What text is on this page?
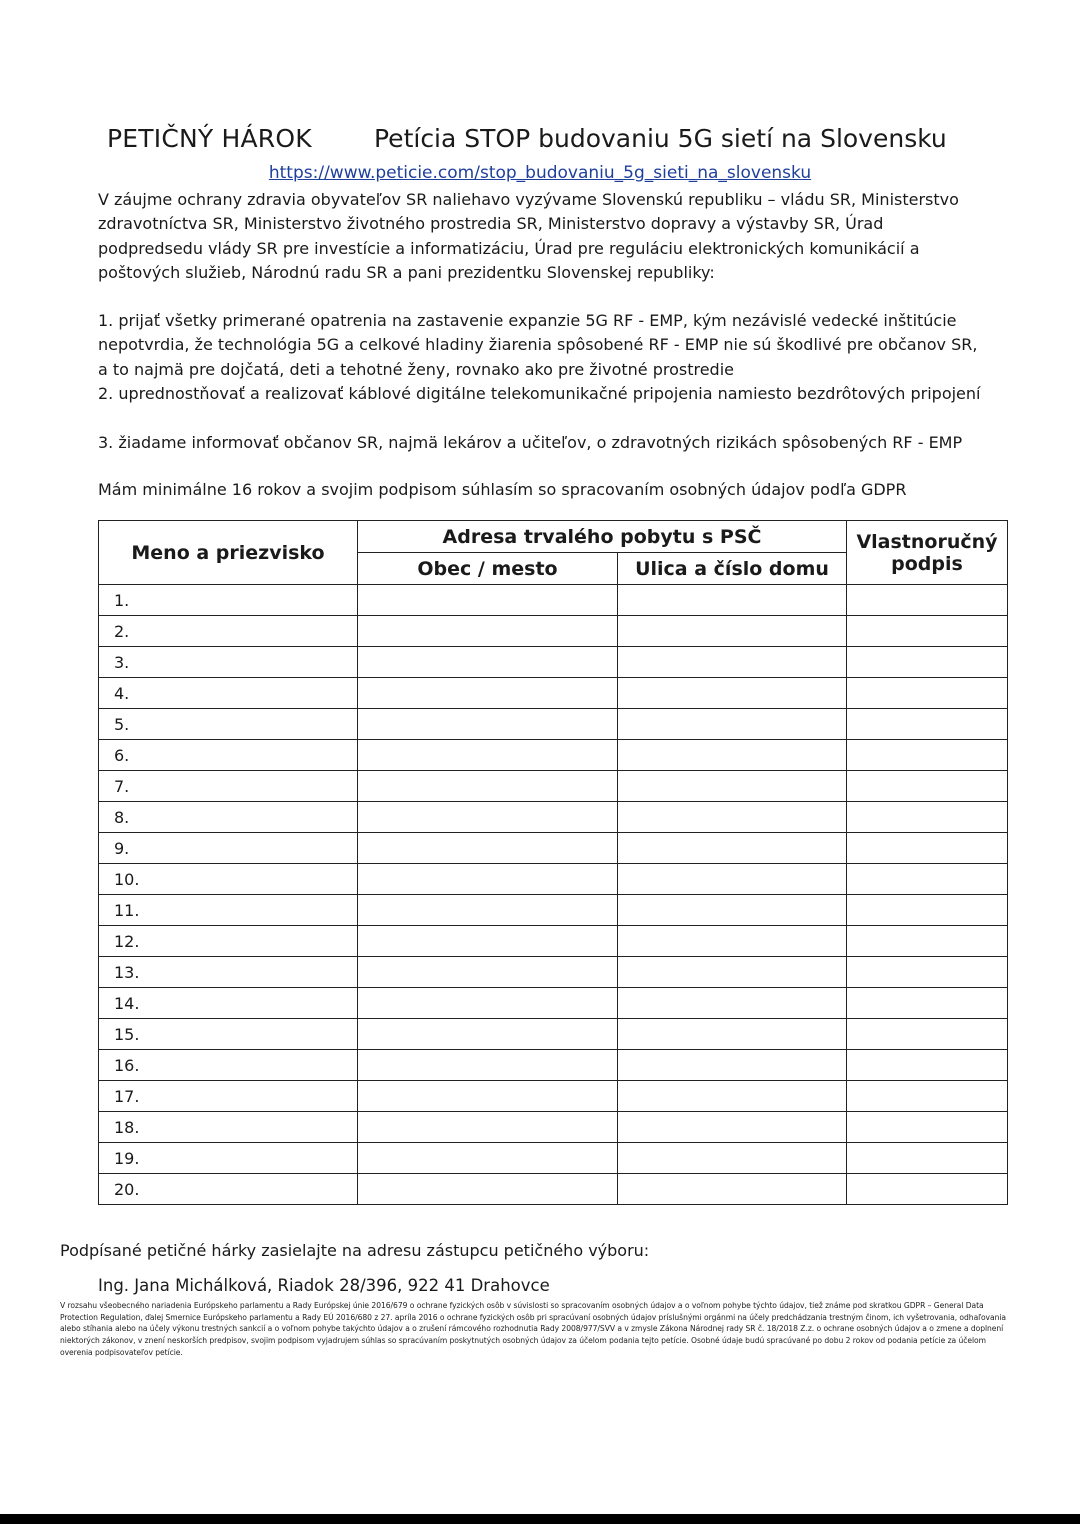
PETIČNÝ HÁROK Petícia STOP budovaniu 5G sietí na Slovensku
https://www.peticie.com/stop_budovaniu_5g_sieti_na_slovensku

V záujme ochrany zdravia obyvateľov SR naliehavo vyzývame Slovenskú republiku – vládu SR, Ministerstvo zdravotníctva SR, Ministerstvo životného prostredia SR, Ministerstvo dopravy a výstavby SR, Úrad podpredsedu vlády SR pre investície a informatizáciu, Úrad pre reguláciu elektronických komunikácií a poštových služieb, Národnú radu SR a pani prezidentku Slovenskej republiky:

1. prijať všetky primerané opatrenia na zastavenie expanzie 5G RF - EMP, kým nezávislé vedecké inštitúcie nepotvrdia, že technológia 5G a celkové hladiny žiarenia spôsobené RF - EMP nie sú škodlivé pre občanov SR, a to najmä pre dojčatá, deti a tehotné ženy, rovnako ako pre životné prostredie

2. uprednostňovať a realizovať káblové digitálne telekomunikačné pripojenia namiesto bezdrôtových pripojení

3. žiadame informovať občanov SR, najmä lekárov a učiteľov, o zdravotných rizikách spôsobených RF - EMP

Mám minimálne 16 rokov a svojim podpisom súhlasím so spracovaním osobných údajov podľa GDPR
Meno a priezvisko	Adresa trvalého pobytu s PSČ		Vlastnoručný
podpis
	Obec / mesto	Ulica a číslo domu	
1.			
2.			
3.			
4.			
5.			
6.			
7.			
8.			
9.			
10.			
11.			
12.			
13.			
14.			
15.			
16.			
17.			
18.			
19.			
20.			
Podpísané petičné hárky zasielajte na adresu zástupcu petičného výboru:
Ing. Jana Michálková, Riadok 28/396, 922 41 Drahovce

V rozsahu všeobecného nariadenia Európskeho parlamentu a Rady Európskej únie 2016/679 o ochrane fyzických osôb v súvislosti so spracovaním osobných údajov a o voľnom pohybe týchto údajov, tiež známe pod skratkou GDPR – General Data Protection Regulation, ďalej Smernice Európskeho parlamentu a Rady EÚ 2016/680 z 27. apríla 2016 o ochrane fyzických osôb pri spracúvaní osobných údajov príslušnými orgánmi na účely predchádzania trestným činom, ich vyšetrovania, odhaľovania alebo stíhania alebo na účely výkonu trestných sankcií a o voľnom pohybe takýchto údajov a o zrušení rámcového rozhodnutia Rady 2008/977/SVV a v zmysle Zákona Národnej rady SR č. 18/2018 Z.z. o ochrane osobných údajov a o zmene a doplnení niektorých zákonov, v znení neskorších predpisov, svojim podpisom vyjadrujem súhlas so spracúvaním poskytnutých osobných údajov za účelom podania tejto petície. Osobné údaje budú spracúvané po dobu 2 rokov od podania petície za účelom overenia podpisovateľov petície.
